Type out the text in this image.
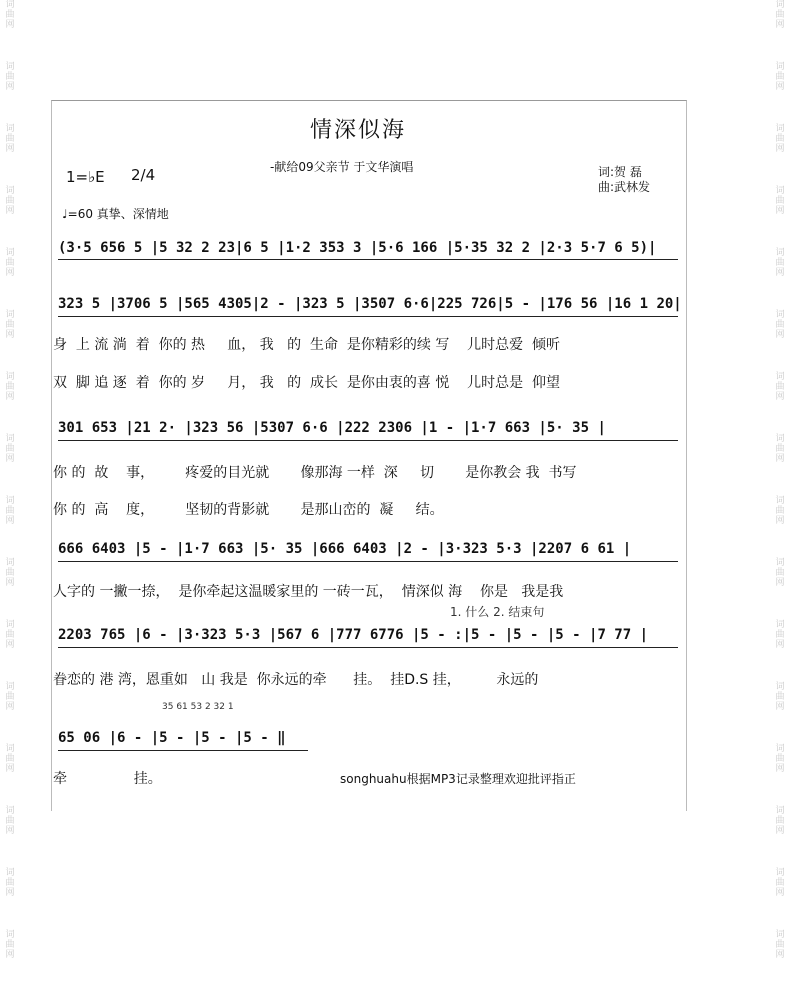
词曲网
词曲网
词曲网
词曲网
词曲网
词曲网
词曲网
词曲网
词曲网
词曲网
词曲网
词曲网
词曲网
词曲网
词曲网
词曲网
词曲网
词曲网
词曲网
词曲网
词曲网
词曲网
词曲网
词曲网
词曲网
词曲网
词曲网
词曲网
词曲网
词曲网
词曲网
词曲网
情深似海
-献给09父亲节 于文华演唱
1=♭E 2/4	词:贺 磊
曲:武林发
♩=60 真挚、深情地
(3·5 656 5 |5 32 2 23|6 5 |1·2 353 3 |5·6 166 |5·35 32 2 |2·3 5·7 6 5)|
323 5 |3706 5 |565 4305|2 - |323 5 |3507 6·6|225 726|5 - |176 56 |16 1 20|
身  上 流 淌  着  你的 热     血， 我   的  生命  是你精彩的续 写    儿时总爱  倾听
双  脚 追 逐  着  你的 岁     月， 我   的  成长  是你由衷的喜 悦    儿时总是  仰望
301 653 |21 2· |323 56 |5307 6·6 |222 2306 |1 - |1·7 663 |5· 35 |
你 的  故    事，       疼爱的目光就       像那海 一样  深     切       是你教会 我  书写
你 的  高    度，       坚韧的背影就       是那山峦的  凝     结。
666 6403 |5 - |1·7 663 |5· 35 |666 6403 |2 - |3·323 5·3 |2207 6 61 |
人字的 一撇一捺，  是你牵起这温暖家里的 一砖一瓦，  情深似 海    你是   我是我
1. 什么 2. 结束句
2203 765 |6 - |3·323 5·3 |567 6 |777 6776 |5 - :|5 - |5 - |5 - |7 77 |
眷恋的 港 湾，恩重如   山 我是  你永远的牵      挂。  挂D.S 挂，        永远的
35 61 53 2 32 1
65 06 |6 - |5 - |5 - |5 - ‖
牵               挂。	songhuahu根据MP3记录整理欢迎批评指正
